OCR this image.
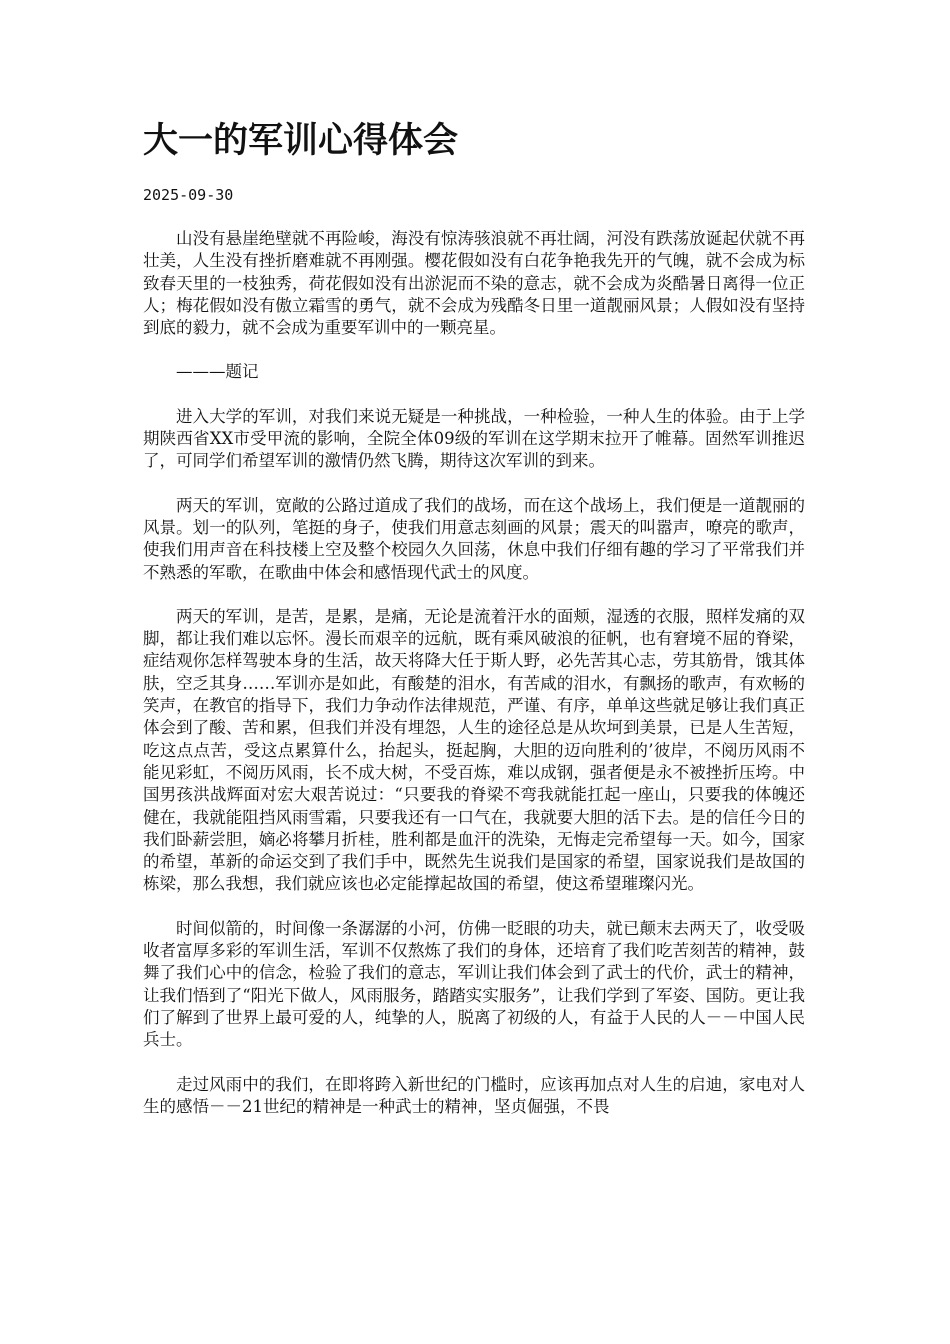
大一的军训心得体会
2025-09-30

山没有悬崖绝壁就不再险峻，海没有惊涛骇浪就不再壮阔，河没有跌荡放诞起伏就不再壮美，人生没有挫折磨难就不再刚强。樱花假如没有白花争艳我先开的气魄，就不会成为标致春天里的一枝独秀，荷花假如没有出淤泥而不染的意志，就不会成为炎酷暑日离得一位正人；梅花假如没有傲立霜雪的勇气，就不会成为残酷冬日里一道靓丽风景；人假如没有坚持到底的毅力，就不会成为重要军训中的一颗亮星。

———题记

进入大学的军训，对我们来说无疑是一种挑战，一种检验，一种人生的体验。由于上学期陕西省XX市受甲流的影响，全院全体09级的军训在这学期末拉开了帷幕。固然军训推迟了，可同学们希望军训的激情仍然飞腾，期待这次军训的到来。

两天的军训，宽敞的公路过道成了我们的战场，而在这个战场上，我们便是一道靓丽的风景。划一的队列，笔挺的身子，使我们用意志刻画的风景；震天的叫嚣声，嘹亮的歌声，使我们用声音在科技楼上空及整个校园久久回荡，休息中我们仔细有趣的学习了平常我们并不熟悉的军歌，在歌曲中体会和感悟现代武士的风度。

两天的军训，是苦，是累，是痛，无论是流着汗水的面颊，湿透的衣服，照样发痛的双脚，都让我们难以忘怀。漫长而艰辛的远航，既有乘风破浪的征帆，也有窘境不屈的脊梁，症结观你怎样驾驶本身的生活，故天将降大任于斯人野，必先苦其心志，劳其筋骨，饿其体肤，空乏其身……军训亦是如此，有酸楚的泪水，有苦咸的泪水，有飘扬的歌声，有欢畅的笑声，在教官的指导下，我们力争动作法律规范，严谨、有序，单单这些就足够让我们真正体会到了酸、苦和累，但我们并没有埋怨，人生的途径总是从坎坷到美景，已是人生苦短，吃这点点苦，受这点累算什么，抬起头，挺起胸，大胆的迈向胜利的’彼岸，不阅历风雨不能见彩虹，不阅历风雨，长不成大树，不受百炼，难以成钢，强者便是永不被挫折压垮。中国男孩洪战辉面对宏大艰苦说过：“只要我的脊梁不弯我就能扛起一座山，只要我的体魄还健在，我就能阻挡风雨雪霜，只要我还有一口气在，我就要大胆的活下去。是的信任今日的我们卧薪尝胆，嫡必将攀月折桂，胜利都是血汗的洗染，无悔走完希望每一天。如今，国家的希望，革新的命运交到了我们手中，既然先生说我们是国家的希望，国家说我们是故国的栋梁，那么我想，我们就应该也必定能撑起故国的希望，使这希望璀璨闪光。

时间似箭的，时间像一条潺潺的小河，仿佛一眨眼的功夫，就已颠末去两天了，收受吸收者富厚多彩的军训生活，军训不仅熬炼了我们的身体，还培育了我们吃苦刻苦的精神，鼓舞了我们心中的信念，检验了我们的意志，军训让我们体会到了武士的代价，武士的精神，让我们悟到了“阳光下做人，风雨服务，踏踏实实服务”，让我们学到了军姿、国防。更让我们了解到了世界上最可爱的人，纯挚的人，脱离了初级的人，有益于人民的人－－中国人民兵士。

走过风雨中的我们，在即将跨入新世纪的门槛时，应该再加点对人生的启迪，家电对人生的感悟－－21世纪的精神是一种武士的精神，坚贞倔强，不畏
